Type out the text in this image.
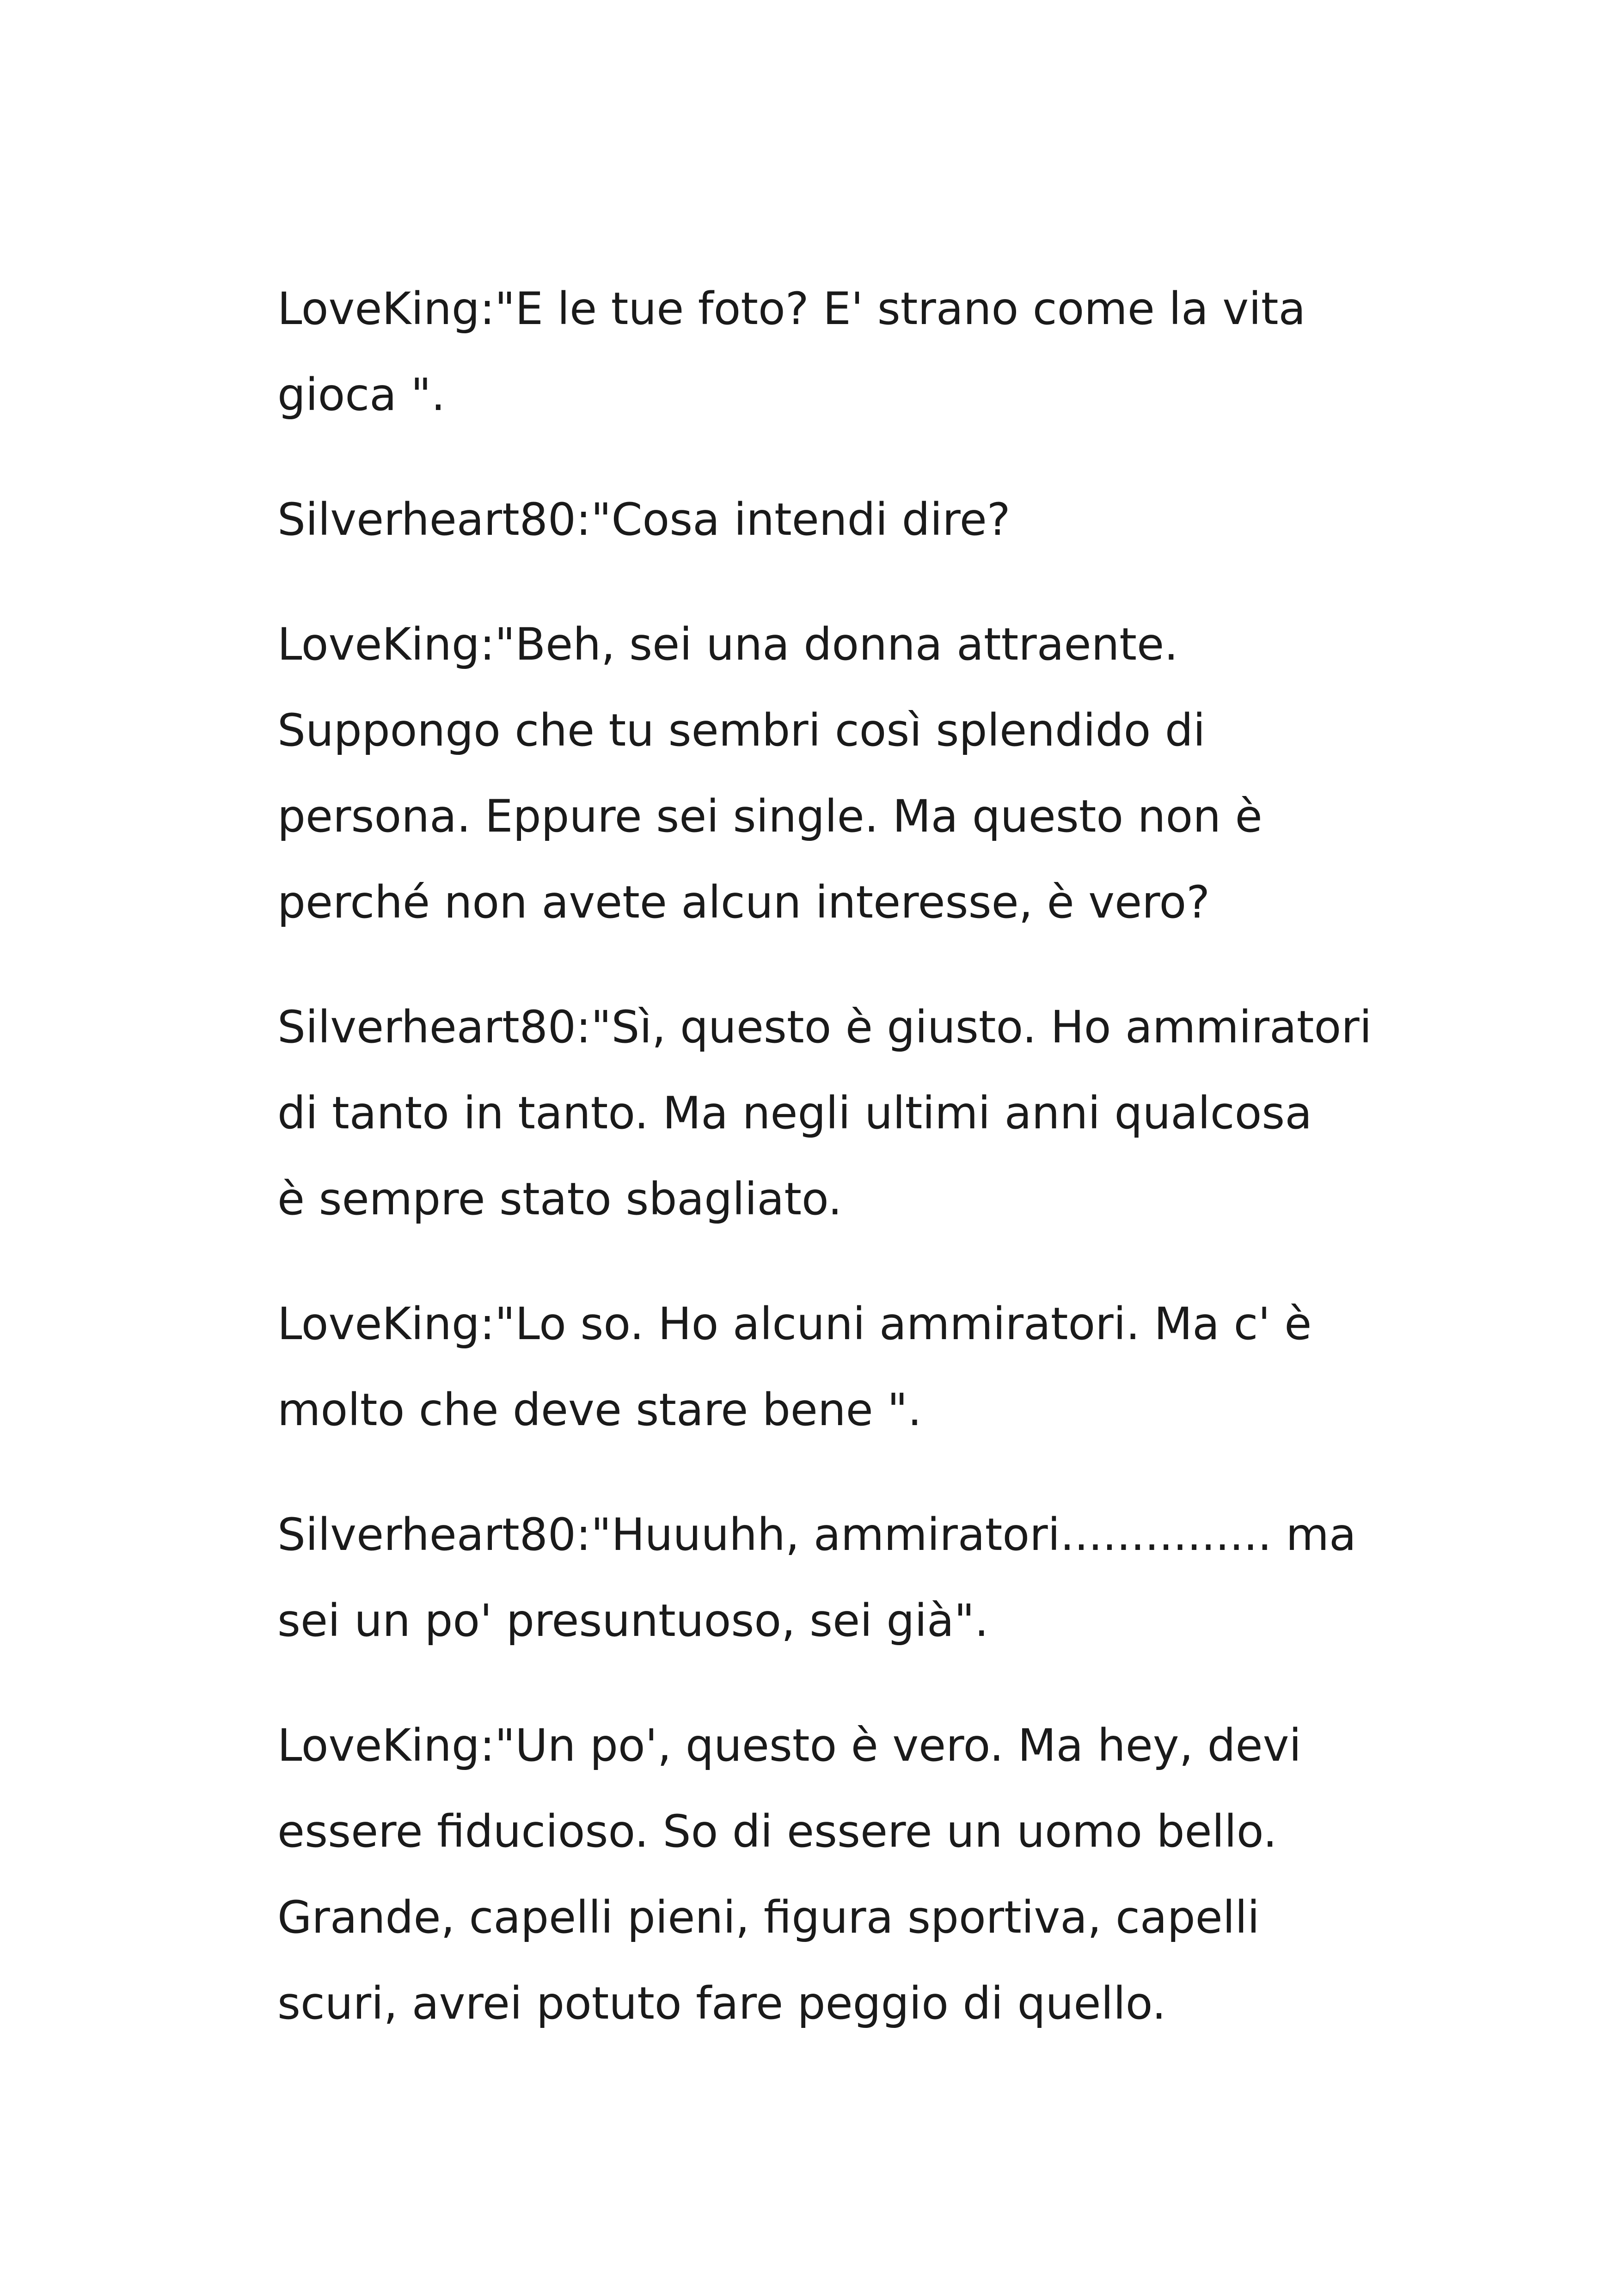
LoveKing:"E le tue foto? E' strano come la vita
gioca ".

Silverheart80:"Cosa intendi dire?

LoveKing:"Beh, sei una donna attraente.
Suppongo che tu sembri così splendido di
persona. Eppure sei single. Ma questo non è
perché non avete alcun interesse, è vero?

Silverheart80:"Sì, questo è giusto. Ho ammiratori
di tanto in tanto. Ma negli ultimi anni qualcosa
è sempre stato sbagliato.

LoveKing:"Lo so. Ho alcuni ammiratori. Ma c' è
molto che deve stare bene ".

Silverheart80:"Huuuhh, ammiratori............... ma
sei un po' presuntuoso, sei già".

LoveKing:"Un po', questo è vero. Ma hey, devi
essere fiducioso. So di essere un uomo bello.
Grande, capelli pieni, figura sportiva, capelli
scuri, avrei potuto fare peggio di quello.
